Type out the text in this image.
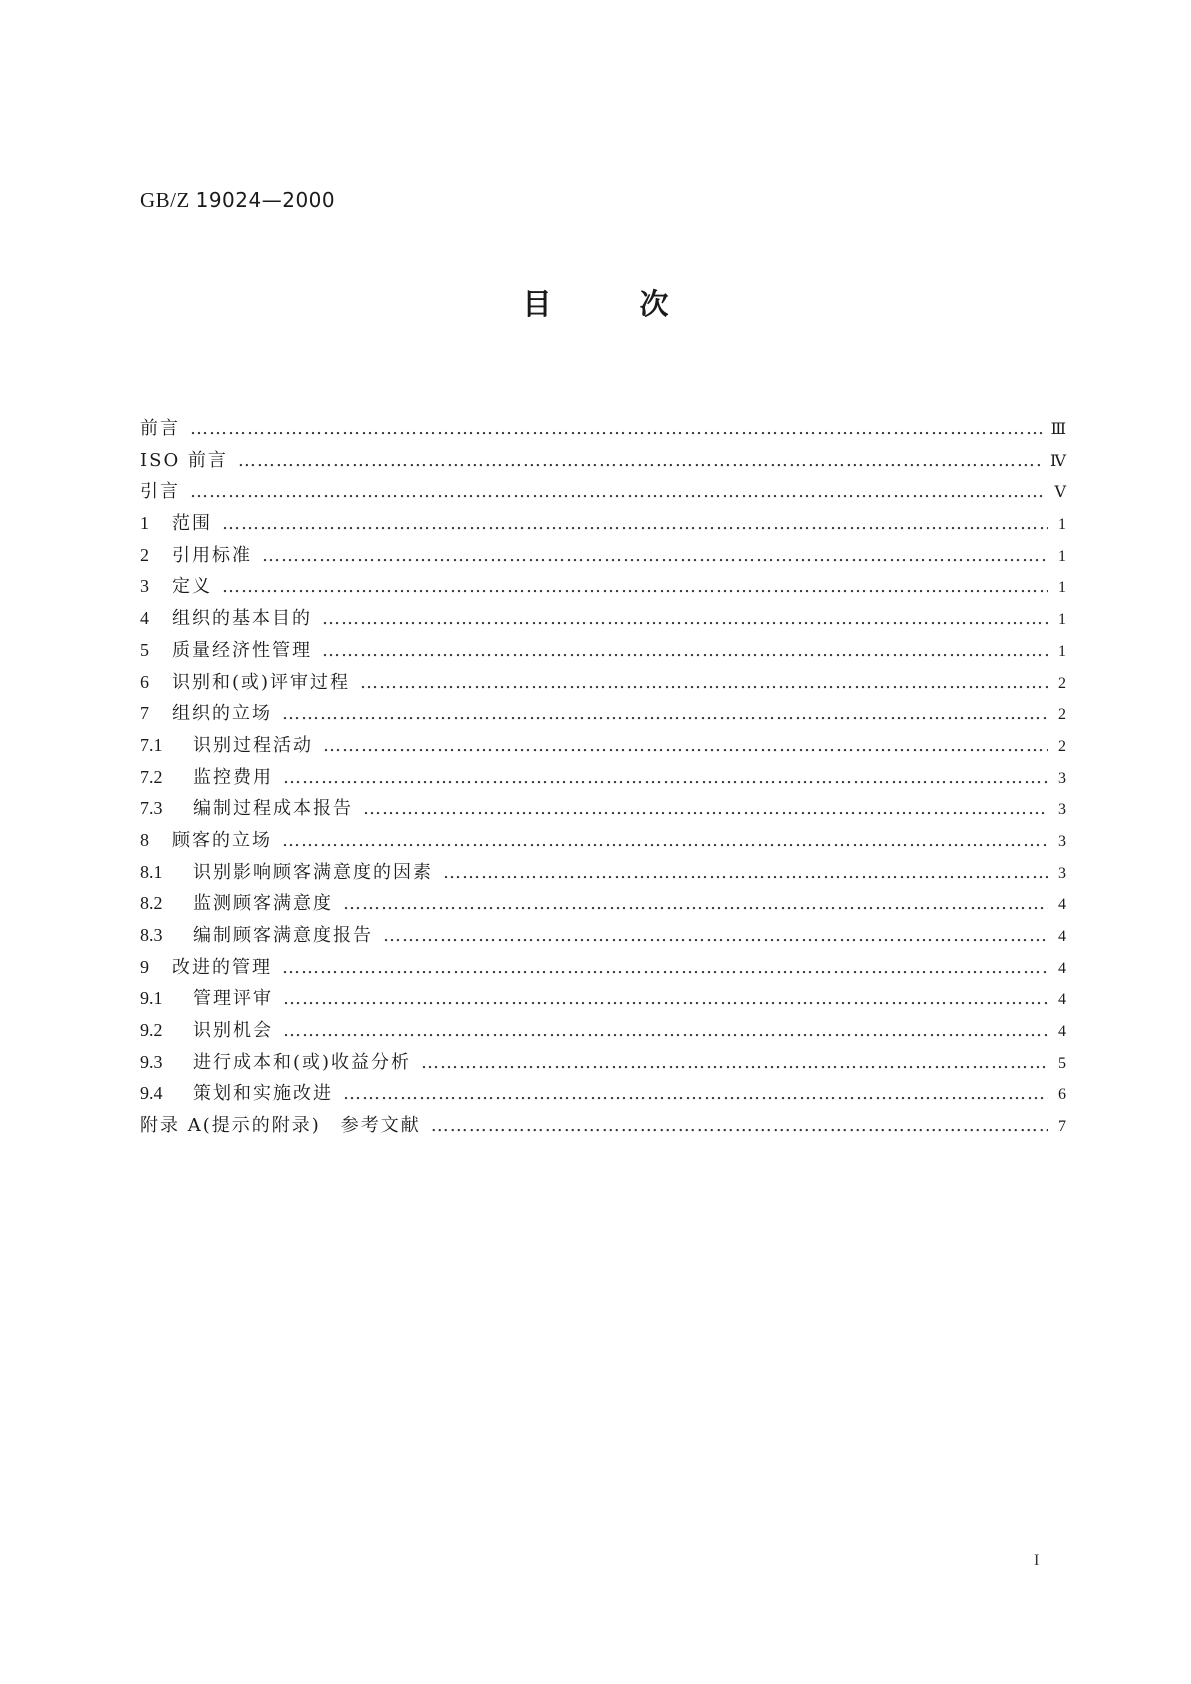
GB/Z 19024—2000
目次
前言 ……………………………………………………………………………………………………………………………………………………………………………………	Ⅲ
ISO 前言 ……………………………………………………………………………………………………………………………………………………………………………………	Ⅳ
引言 ……………………………………………………………………………………………………………………………………………………………………………………	Ⅴ
1	范围 ……………………………………………………………………………………………………………………………………………………………………………………	1
2	引用标准 ……………………………………………………………………………………………………………………………………………………………………………………	1
3	定义 ……………………………………………………………………………………………………………………………………………………………………………………	1
4	组织的基本目的 ……………………………………………………………………………………………………………………………………………………………………………………	1
5	质量经济性管理 ……………………………………………………………………………………………………………………………………………………………………………………	1
6	识别和(或)评审过程 ……………………………………………………………………………………………………………………………………………………………………………………	2
7	组织的立场 ……………………………………………………………………………………………………………………………………………………………………………………	2
7.1	识别过程活动 ……………………………………………………………………………………………………………………………………………………………………………………	2
7.2	监控费用 ……………………………………………………………………………………………………………………………………………………………………………………	3
7.3	编制过程成本报告 ……………………………………………………………………………………………………………………………………………………………………………………	3
8	顾客的立场 ……………………………………………………………………………………………………………………………………………………………………………………	3
8.1	识别影响顾客满意度的因素 ……………………………………………………………………………………………………………………………………………………………………………………	3
8.2	监测顾客满意度 ……………………………………………………………………………………………………………………………………………………………………………………	4
8.3	编制顾客满意度报告 ……………………………………………………………………………………………………………………………………………………………………………………	4
9	改进的管理 ……………………………………………………………………………………………………………………………………………………………………………………	4
9.1	管理评审 ……………………………………………………………………………………………………………………………………………………………………………………	4
9.2	识别机会 ……………………………………………………………………………………………………………………………………………………………………………………	4
9.3	进行成本和(或)收益分析 ……………………………………………………………………………………………………………………………………………………………………………………	5
9.4	策划和实施改进 ……………………………………………………………………………………………………………………………………………………………………………………	6
附录 A(提示的附录)　参考文献 ……………………………………………………………………………………………………………………………………………………………………………………	7
I
